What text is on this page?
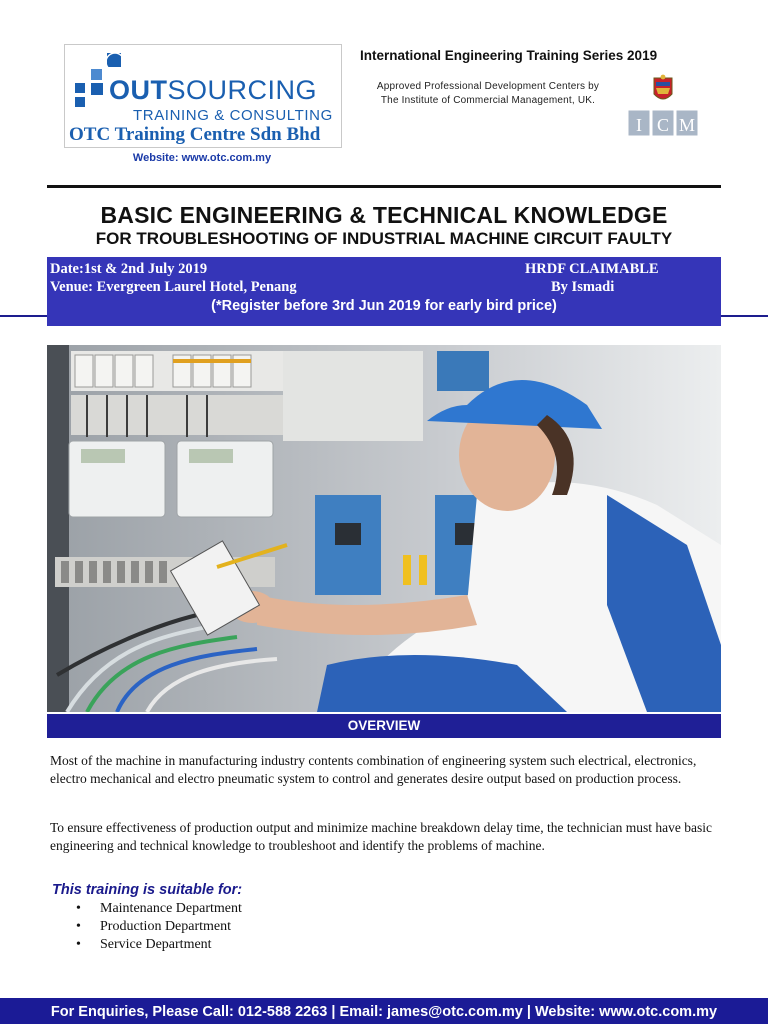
OUTSOURCING
TRAINING & CONSULTING
OTC Training Centre Sdn Bhd
Website: www.otc.com.my
International Engineering Training Series 2019
Approved Professional Development Centers by
The Institute of Commercial Management, UK.
I C M
BASIC ENGINEERING & TECHNICAL KNOWLEDGE
FOR TROUBLESHOOTING OF INDUSTRIAL MACHINE CIRCUIT FAULTY
Date:1st & 2nd July 2019
Venue: Evergreen Laurel Hotel, Penang
HRDF CLAIMABLE
By Ismadi
(*Register before 3rd Jun 2019 for early bird price)
OVERVIEW
Most of the machine in manufacturing industry contents combination of engineering system such electrical, electronics, electro mechanical and electro pneumatic system to control and generates desire output based on production process.
To ensure effectiveness of production output and minimize machine breakdown delay time, the technician must have basic engineering and technical knowledge to troubleshoot and identify the problems of machine.
This training is suitable for:
• Maintenance Department
• Production Department
• Service Department
For Enquiries, Please Call: 012-588 2263 | Email: james@otc.com.my | Website: www.otc.com.my
